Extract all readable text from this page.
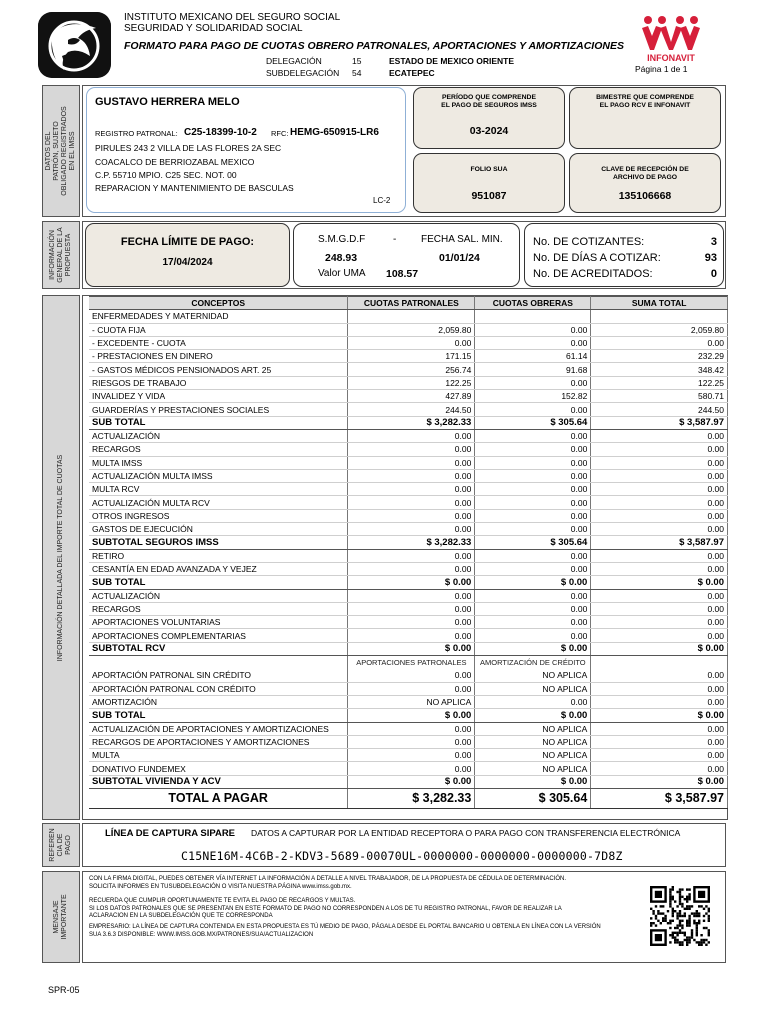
INSTITUTO MEXICANO DEL SEGURO SOCIAL
SEGURIDAD Y SOLIDARIDAD SOCIAL
FORMATO PARA PAGO DE CUOTAS OBRERO PATRONALES, APORTACIONES Y AMORTIZACIONES
DELEGACIÓN	15	ESTADO DE MEXICO ORIENTE
SUBDELEGACIÓN 54	ECATEPEC
INFONAVIT
Página 1 de 1
DATOS DEL PATRÓN, SUJETO OBLIGADO REGISTRADOS EN EL IMSS
GUSTAVO HERRERA MELO
REGISTRO PATRONAL: C25-18399-10-2 RFC: HEMG-650915-LR6
PIRULES 243 2 VILLA DE LAS FLORES 2A SEC
COACALCO DE BERRIOZABAL MEXICO
C.P. 55710 MPIO. C25 SEC. NOT. 00
REPARACION Y MANTENIMIENTO DE BASCULAS
LC-2
PERÍODO QUE COMPRENDE
EL PAGO DE SEGUROS IMSS
03-2024
BIMESTRE QUE COMPRENDE
EL PAGO RCV E INFONAVIT
FOLIO SUA
951087
CLAVE DE RECEPCIÓN DE
ARCHIVO DE PAGO
135106668
INFORMACIÓN GENERAL DE LA PROPUESTA	FECHA LÍMITE DE PAGO:
17/04/2024
S.M.G.D.F	- FECHA SAL. MIN.
248.93	01/01/24
Valor UMA 108.57
No. DE COTIZANTES:	3
No. DE DÍAS A COTIZAR:	93
No. DE ACREDITADOS:	0
INFORMACIÓN DETALLADA DEL IMPORTE TOTAL DE CUOTAS
CONCEPTOS	CUOTAS PATRONALES	CUOTAS OBRERAS	SUMA TOTAL
ENFERMEDADES Y MATERNIDAD			
- CUOTA FIJA	2,059.80	0.00	2,059.80
- EXCEDENTE - CUOTA	0.00	0.00	0.00
- PRESTACIONES EN DINERO	171.15	61.14	232.29
- GASTOS MÉDICOS PENSIONADOS ART. 25	256.74	91.68	348.42
RIESGOS DE TRABAJO	122.25	0.00	122.25
INVALIDEZ Y VIDA	427.89	152.82	580.71
GUARDERÍAS Y PRESTACIONES SOCIALES	244.50	0.00	244.50
SUB TOTAL	$ 3,282.33	$ 305.64	$ 3,587.97
ACTUALIZACIÓN	0.00	0.00	0.00
RECARGOS	0.00	0.00	0.00
MULTA IMSS	0.00	0.00	0.00
ACTUALIZACIÓN MULTA IMSS	0.00	0.00	0.00
MULTA RCV	0.00	0.00	0.00
ACTUALIZACIÓN MULTA RCV	0.00	0.00	0.00
OTROS INGRESOS	0.00	0.00	0.00
GASTOS DE EJECUCIÓN	0.00	0.00	0.00
SUBTOTAL SEGUROS IMSS	$ 3,282.33	$ 305.64	$ 3,587.97
RETIRO	0.00	0.00	0.00
CESANTÍA EN EDAD AVANZADA Y VEJEZ	0.00	0.00	0.00
SUB TOTAL	$ 0.00	$ 0.00	$ 0.00
ACTUALIZACIÓN	0.00	0.00	0.00
RECARGOS	0.00	0.00	0.00
APORTACIONES VOLUNTARIAS	0.00	0.00	0.00
APORTACIONES COMPLEMENTARIAS	0.00	0.00	0.00
SUBTOTAL RCV	$ 0.00	$ 0.00	$ 0.00
	APORTACIONES PATRONALES	AMORTIZACIÓN DE CRÉDITO	
APORTACIÓN PATRONAL SIN CRÉDITO	0.00	NO APLICA	0.00
APORTACIÓN PATRONAL CON CRÉDITO	0.00	NO APLICA	0.00
AMORTIZACIÓN	NO APLICA	0.00	0.00
SUB TOTAL	$ 0.00	$ 0.00	$ 0.00
ACTUALIZACIÓN DE APORTACIONES Y AMORTIZACIONES	0.00	NO APLICA	0.00
RECARGOS DE APORTACIONES Y AMORTIZACIONES	0.00	NO APLICA	0.00
MULTA	0.00	NO APLICA	0.00
DONATIVO FUNDEMEX	0.00	NO APLICA	0.00
SUBTOTAL VIVIENDA Y ACV	$ 0.00	$ 0.00	$ 0.00
TOTAL A PAGAR	$ 3,282.33	$ 305.64	$ 3,587.97
REFEREN CIA DE PAGO
LÍNEA DE CAPTURA SIPARE DATOS A CAPTURAR POR LA ENTIDAD RECEPTORA O PARA PAGO CON TRANSFERENCIA ELECTRÓNICA
C15NE16M-4C6B-2-KDV3-5689-00070UL-0000000-0000000-0000000-7D8Z
MENSAJE IMPORTANTE
CON LA FIRMA DIGITAL, PUEDES OBTENER VÍA INTERNET LA INFORMACIÓN A DETALLE A NIVEL TRABAJADOR, DE LA PROPUESTA DE CÉDULA DE DETERMINACIÓN.
SOLICITA INFORMES EN TUSUBDELEGACIÓN O VISITA NUESTRA PÁGINA www.imss.gob.mx.
RECUERDA QUE CUMPLIR OPORTUNAMENTE TE EVITA EL PAGO DE RECARGOS Y MULTAS.
SI LOS DATOS PATRONALES QUE SE PRESENTAN EN ESTE FORMATO DE PAGO NO CORRESPONDEN A LOS DE TU REGISTRO PATRONAL, FAVOR DE REALIZAR LA
ACLARACION EN LA SUBDELEGACIÓN QUE TE CORRESPONDA
EMPRESARIO: LA LÍNEA DE CAPTURA CONTENIDA EN ESTA PROPUESTA ES TÚ MEDIO DE PAGO, PÁGALA DESDE EL PORTAL BANCARIO U OBTENLA EN LÍNEA CON LA VERSIÓN
SUA 3.6.3 DISPONIBLE: WWW.IMSS.GOB.MX/PATRONES/SUA/ACTUALIZACION
SPR-05
